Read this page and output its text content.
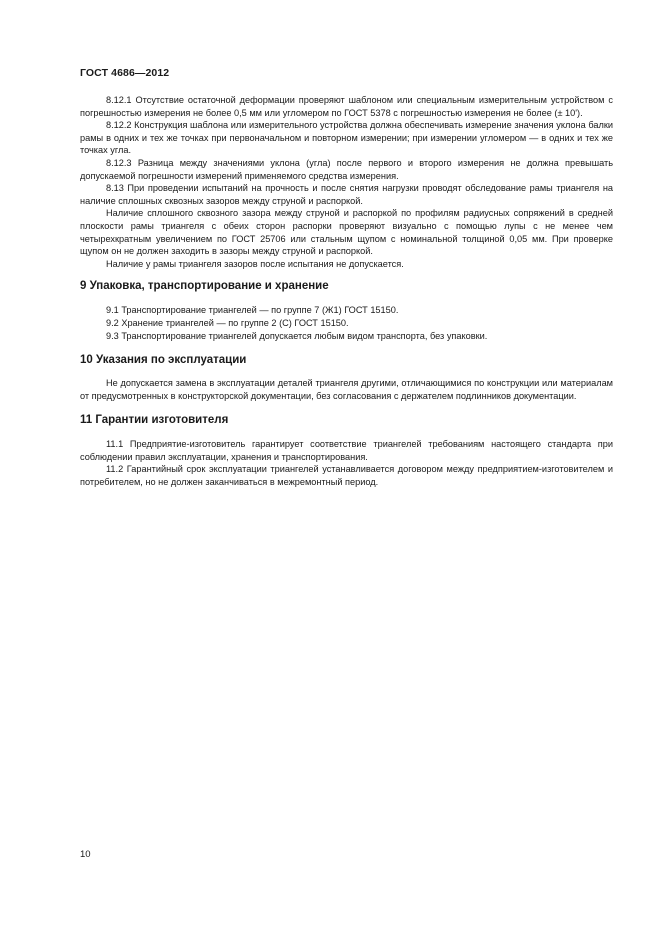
ГОСТ 4686—2012

8.12.1 Отсутствие остаточной деформации проверяют шаблоном или специальным измерительным устройством с погрешностью измерения не более 0,5 мм или угломером по ГОСТ 5378 с погрешностью измерения не более (± 10').

8.12.2 Конструкция шаблона или измерительного устройства должна обеспечивать измерение значения уклона балки рамы в одних и тех же точках при первоначальном и повторном измерении; при измерении угломером — в одних и тех же точках угла.

8.12.3 Разница между значениями уклона (угла) после первого и второго измерения не должна превышать допускаемой погрешности измерений применяемого средства измерения.

8.13 При проведении испытаний на прочность и после снятия нагрузки проводят обследование рамы триангеля на наличие сплошных сквозных зазоров между струной и распоркой.

Наличие сплошного сквозного зазора между струной и распоркой по профилям радиусных сопряжений в средней плоскости рамы триангеля с обеих сторон распорки проверяют визуально с помощью лупы с не менее чем четырехкратным увеличением по ГОСТ 25706 или стальным щупом с номинальной толщиной 0,05 мм. При проверке щупом он не должен заходить в зазоры между струной и распоркой.

Наличие у рамы триангеля зазоров после испытания не допускается.

9 Упаковка, транспортирование и хранение

9.1 Транспортирование триангелей — по группе 7 (Ж1) ГОСТ 15150.

9.2 Хранение триангелей — по группе 2 (С) ГОСТ 15150.

9.3 Транспортирование триангелей допускается любым видом транспорта, без упаковки.

10 Указания по эксплуатации

Не допускается замена в эксплуатации деталей триангеля другими, отличающимися по конструкции или материалам от предусмотренных в конструкторской документации, без согласования с держателем подлинников документации.

11 Гарантии изготовителя

11.1 Предприятие-изготовитель гарантирует соответствие триангелей требованиям настоящего стандарта при соблюдении правил эксплуатации, хранения и транспортирования.

11.2 Гарантийный срок эксплуатации триангелей устанавливается договором между предприятием-изготовителем и потребителем, но не должен заканчиваться в межремонтный период.

10
